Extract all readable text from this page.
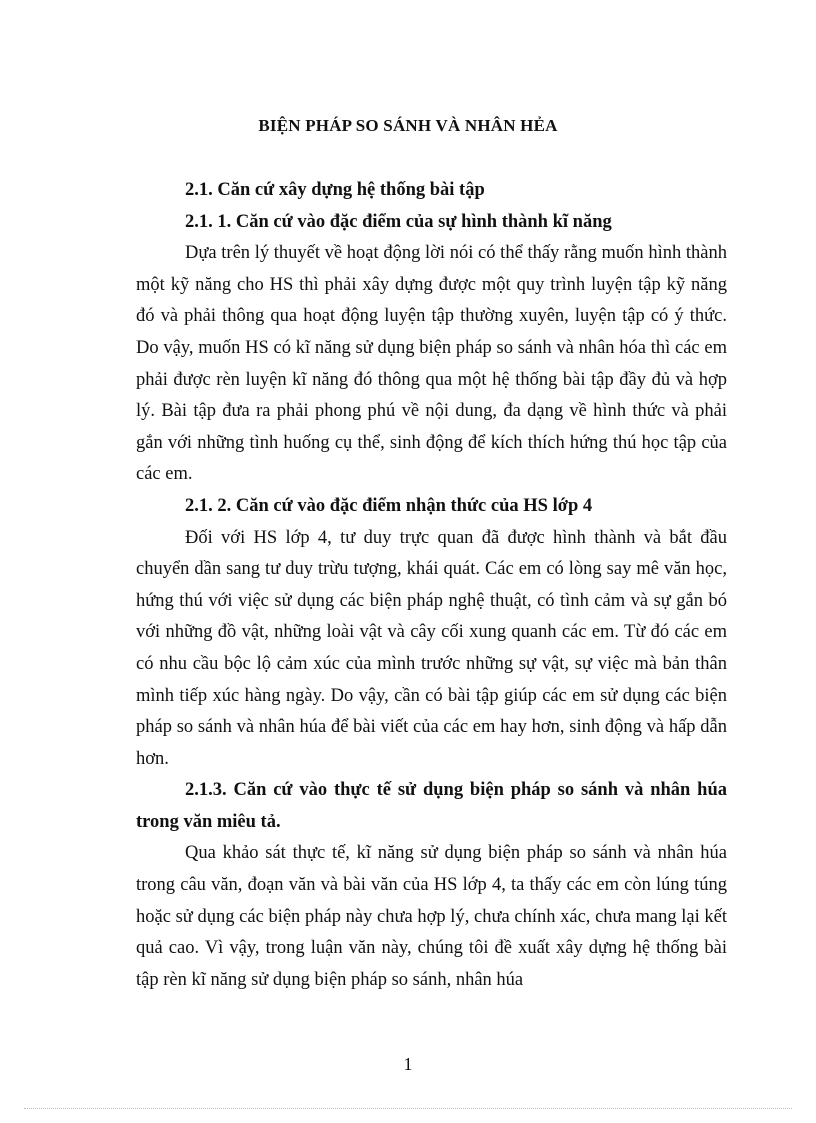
BIỆN PHÁP SO SÁNH VÀ NHÂN HẺA

2.1. Căn cứ xây dựng hệ thống bài tập

2.1. 1. Căn cứ vào đặc điểm của sự hình thành kĩ năng

Dựa trên lý thuyết về hoạt động lời nói có thể thấy rằng muốn hình thành một kỹ năng cho HS thì phải xây dựng được một quy trình luyện tập kỹ năng đó và phải thông qua hoạt động luyện tập thường xuyên, luyện tập có ý thức. Do vậy, muốn HS có kĩ năng sử dụng biện pháp so sánh và nhân hóa thì các em phải được rèn luyện kĩ năng đó thông qua một hệ thống bài tập đầy đủ và hợp lý. Bài tập đưa ra phải phong phú về nội dung, đa dạng về hình thức và phải gắn với những tình huống cụ thể, sinh động để kích thích hứng thú học tập của các em.

2.1. 2. Căn cứ vào đặc điểm nhận thức của HS lớp 4

Đối với HS lớp 4, tư duy trực quan đã được hình thành và bắt đầu chuyển dần sang tư duy trừu tượng, khái quát. Các em có lòng say mê văn học, hứng thú với việc sử dụng các biện pháp nghệ thuật, có tình cảm và sự gắn bó với những đồ vật, những loài vật và cây cối xung quanh các em. Từ đó các em có nhu cầu bộc lộ cảm xúc của mình trước những sự vật, sự việc mà bản thân mình tiếp xúc hàng ngày. Do vậy, cần có bài tập giúp các em sử dụng các biện pháp so sánh và nhân húa để bài viết của các em hay hơn, sinh động và hấp dẫn hơn.

2.1.3. Căn cứ vào thực tế sử dụng biện pháp so sánh và nhân húa trong văn miêu tả.

Qua khảo sát thực tế, kĩ năng sử dụng biện pháp so sánh và nhân húa trong câu văn, đoạn văn và bài văn của HS lớp 4, ta thấy các em còn lúng túng hoặc sử dụng các biện pháp này chưa hợp lý, chưa chính xác, chưa mang lại kết quả cao. Vì vậy, trong luận văn này, chúng tôi đề xuất xây dựng hệ thống bài tập rèn kĩ năng sử dụng biện pháp so sánh, nhân húa

1
